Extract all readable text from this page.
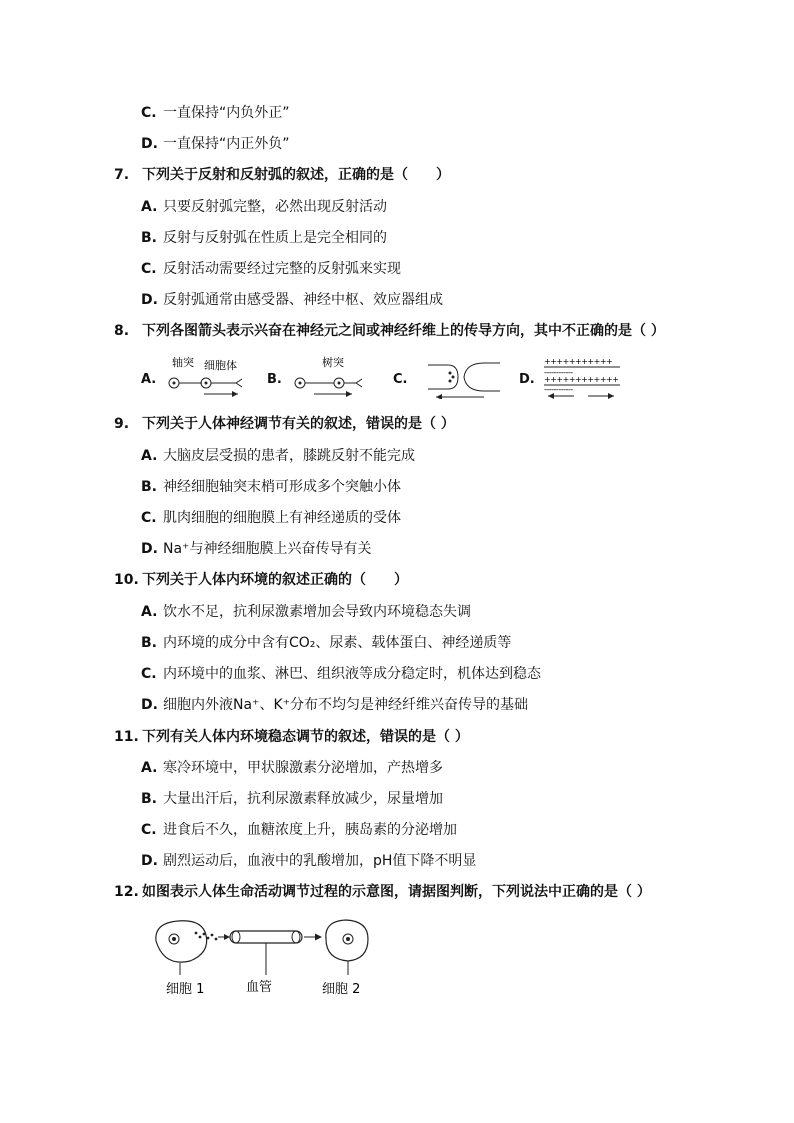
C. 一直保持“内负外正”
D. 一直保持“内正外负”
7. 下列关于反射和反射弧的叙述，正确的是（　　）
A. 只要反射弧完整，必然出现反射活动
B. 反射与反射弧在性质上是完全相同的
C. 反射活动需要经过完整的反射弧来实现
D. 反射弧通常由感受器、神经中枢、效应器组成
8. 下列各图箭头表示兴奋在神经元之间或神经纤维上的传导方向，其中不正确的是（ ）
A.
轴突 细胞体
B.
树突
C.	D.
+++++++++++
------------
++++++++++++
------------
9. 下列关于人体神经调节有关的叙述，错误的是（ ）
A. 大脑皮层受损的患者，膝跳反射不能完成
B. 神经细胞轴突末梢可形成多个突触小体
C. 肌肉细胞的细胞膜上有神经递质的受体
D. Na⁺与神经细胞膜上兴奋传导有关
10. 下列关于人体内环境的叙述正确的（　　）
A. 饮水不足，抗利尿激素增加会导致内环境稳态失调
B. 内环境的成分中含有CO₂、尿素、载体蛋白、神经递质等
C. 内环境中的血浆、淋巴、组织液等成分稳定时，机体达到稳态
D. 细胞内外液Na⁺、K⁺分布不均匀是神经纤维兴奋传导的基础
11. 下列有关人体内环境稳态调节的叙述，错误的是（ ）
A. 寒冷环境中，甲状腺激素分泌增加，产热增多
B. 大量出汗后，抗利尿激素释放减少，尿量增加
C. 进食后不久，血糖浓度上升，胰岛素的分泌增加
D. 剧烈运动后，血液中的乳酸增加，pH值下降不明显
12. 如图表示人体生命活动调节过程的示意图，请据图判断，下列说法中正确的是（ ）
细胞 1	血管	细胞 2
